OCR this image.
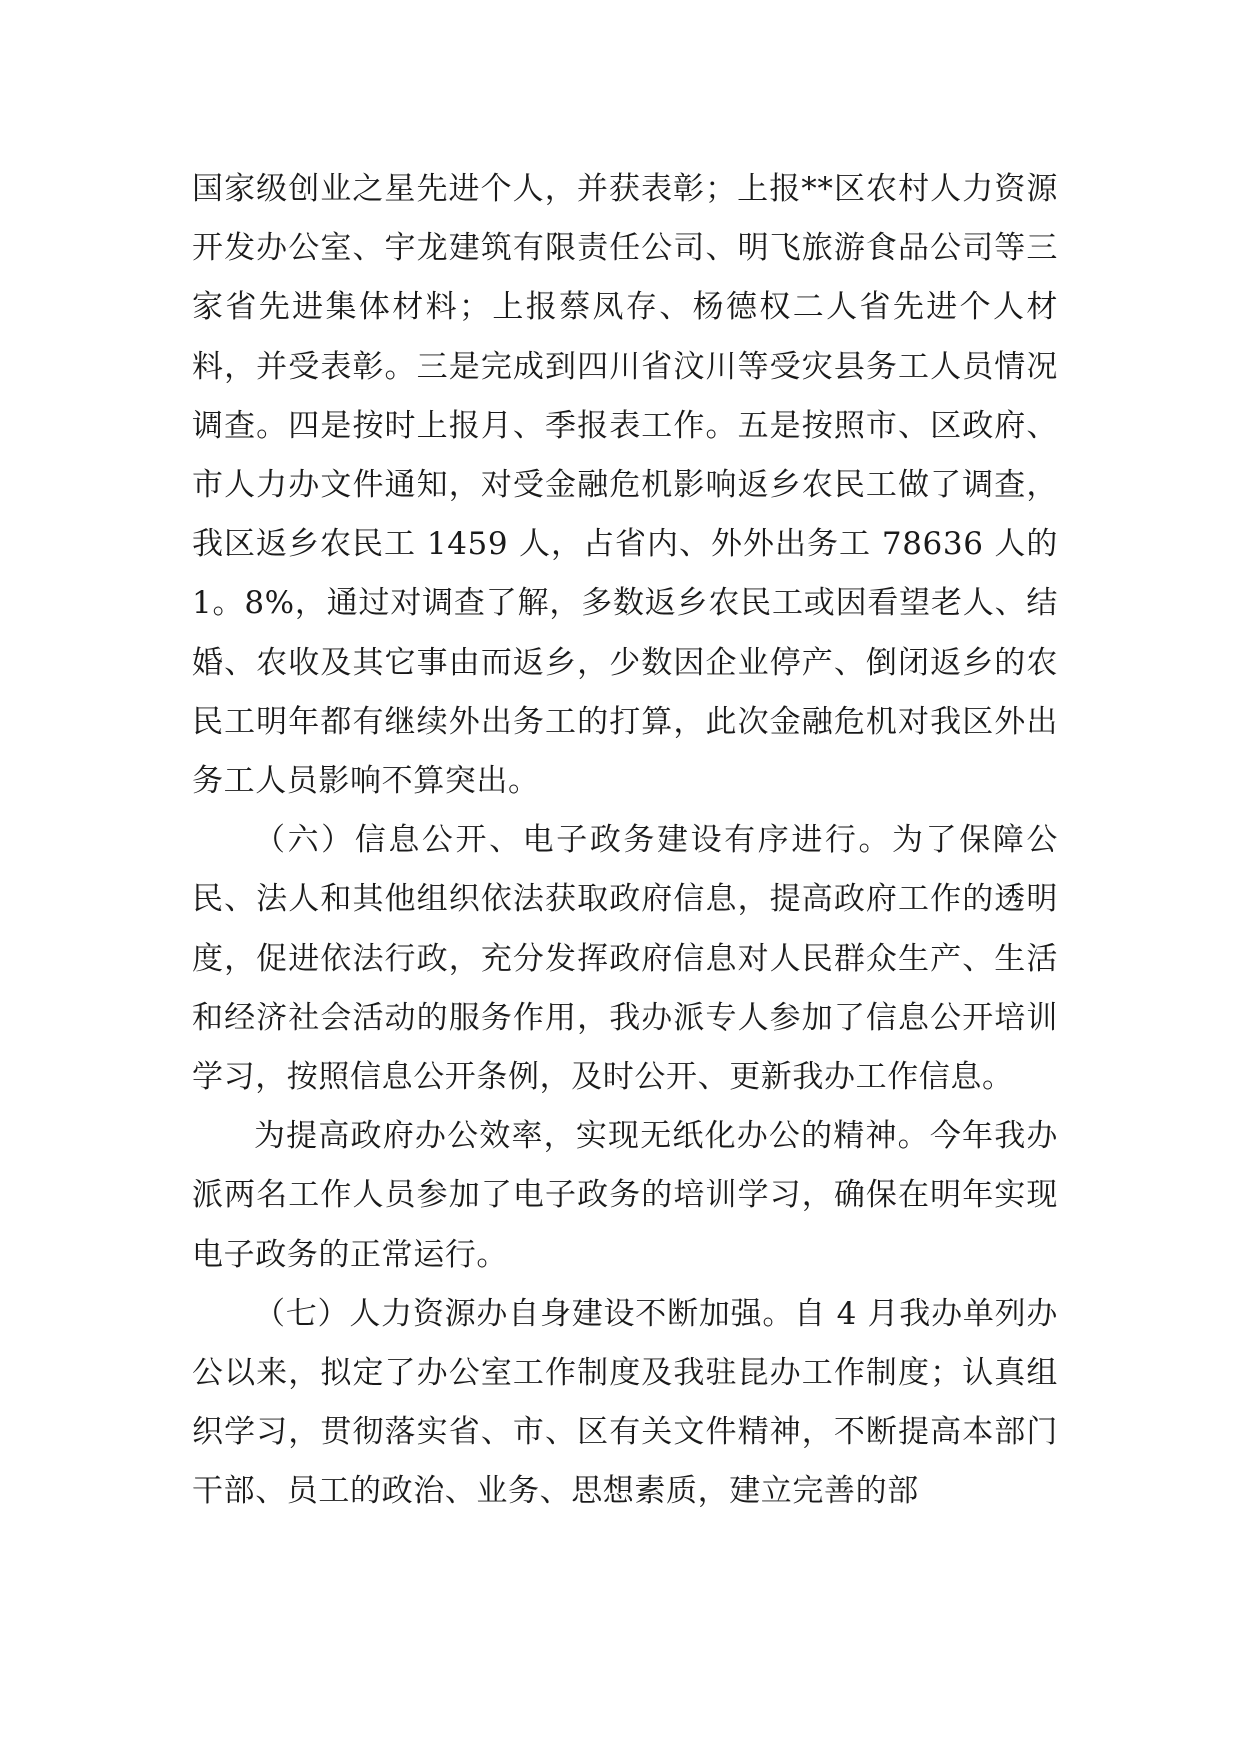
国家级创业之星先进个人，并获表彰；上报**区农村人力资源开发办公室、宇龙建筑有限责任公司、明飞旅游食品公司等三家省先进集体材料；上报蔡凤存、杨德权二人省先进个人材料，并受表彰。三是完成到四川省汶川等受灾县务工人员情况调查。四是按时上报月、季报表工作。五是按照市、区政府、市人力办文件通知，对受金融危机影响返乡农民工做了调查，我区返乡农民工 1459 人，占省内、外外出务工 78636 人的 1。8%，通过对调查了解，多数返乡农民工或因看望老人、结婚、农收及其它事由而返乡，少数因企业停产、倒闭返乡的农民工明年都有继续外出务工的打算，此次金融危机对我区外出务工人员影响不算突出。

（六）信息公开、电子政务建设有序进行。为了保障公民、法人和其他组织依法获取政府信息，提高政府工作的透明度，促进依法行政，充分发挥政府信息对人民群众生产、生活和经济社会活动的服务作用，我办派专人参加了信息公开培训学习，按照信息公开条例，及时公开、更新我办工作信息。

为提高政府办公效率，实现无纸化办公的精神。今年我办派两名工作人员参加了电子政务的培训学习，确保在明年实现电子政务的正常运行。

（七）人力资源办自身建设不断加强。自 4 月我办单列办公以来，拟定了办公室工作制度及我驻昆办工作制度；认真组织学习，贯彻落实省、市、区有关文件精神，不断提高本部门干部、员工的政治、业务、思想素质，建立完善的部
